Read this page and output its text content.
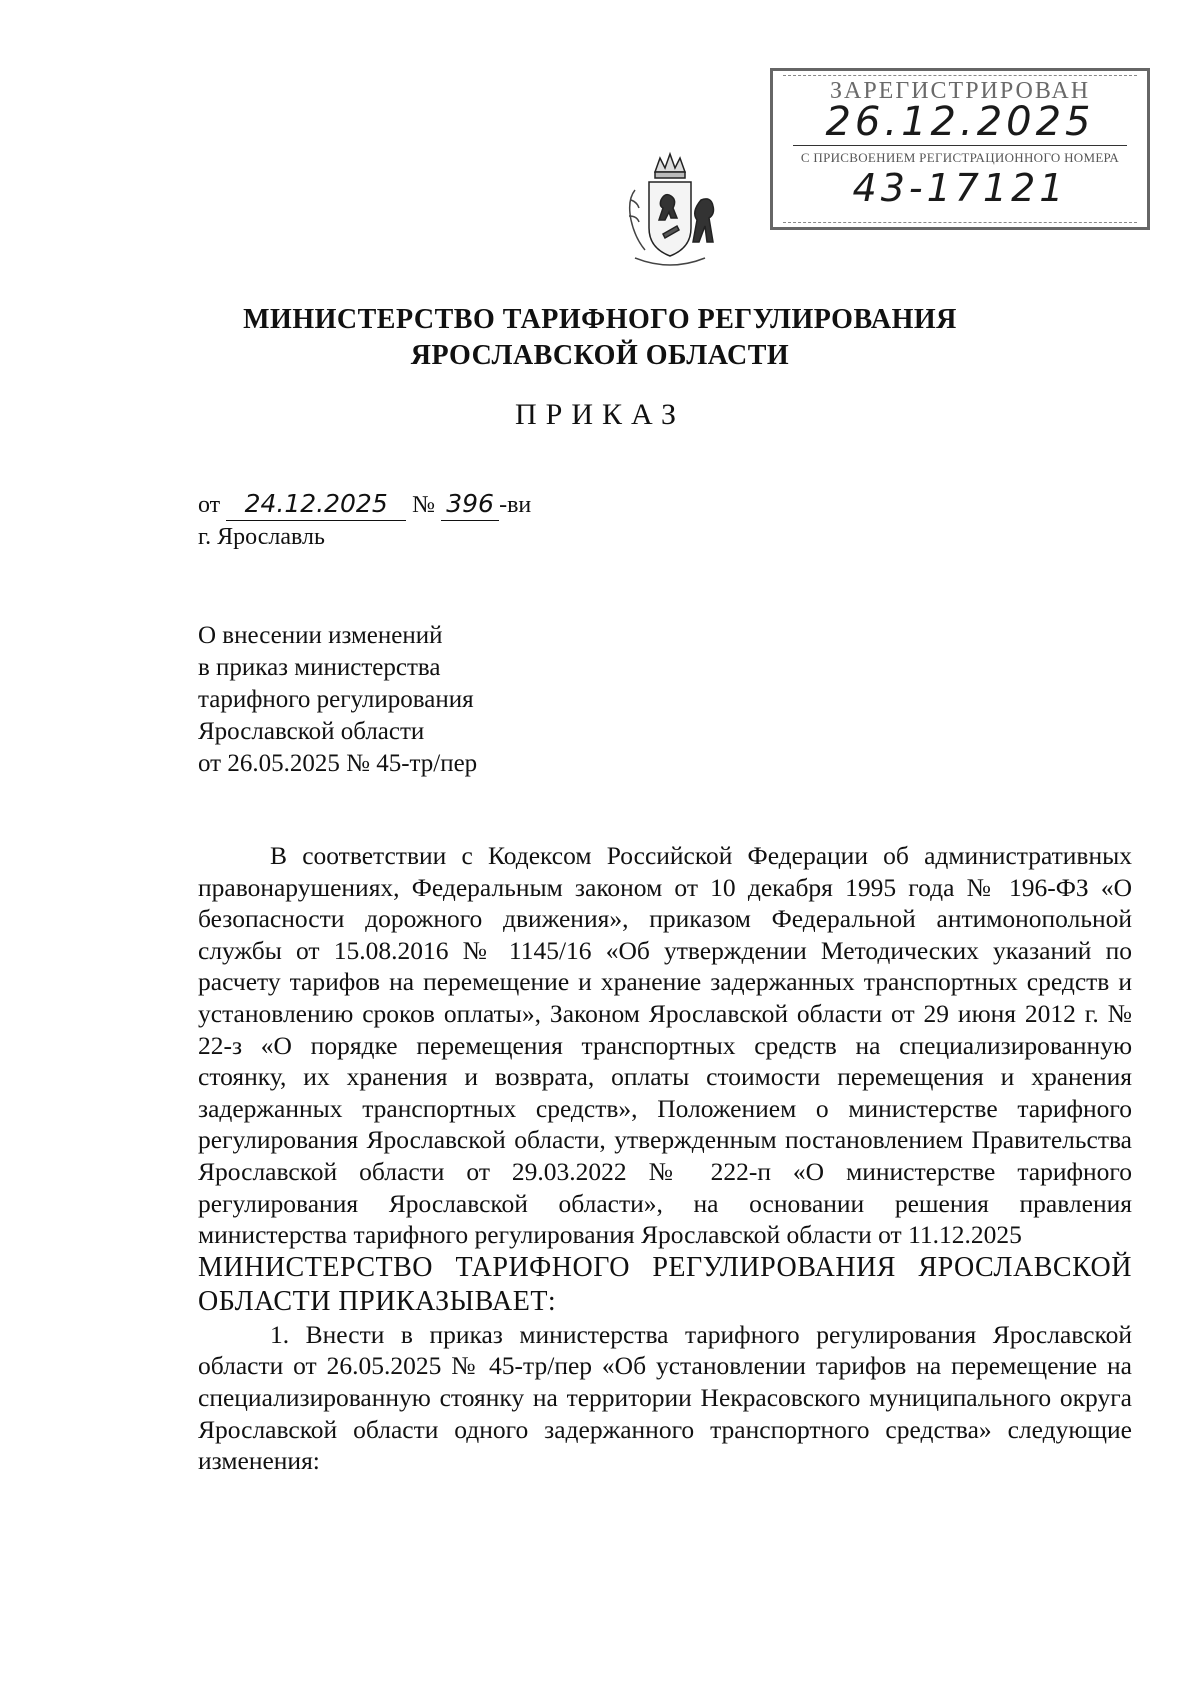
ЗАРЕГИСТРИРОВАН
26.12.2025
С ПРИСВОЕНИЕМ РЕГИСТРАЦИОННОГО НОМЕРА
43-17121
МИНИСТЕРСТВО ТАРИФНОГО РЕГУЛИРОВАНИЯ
ЯРОСЛАВСКОЙ ОБЛАСТИ
ПРИКАЗ
от 24.12.2025 № 396 -ви
г. Ярославль
О внесении изменений
в приказ министерства
тарифного регулирования
Ярославской области
от 26.05.2025 № 45-тр/пер

В соответствии с Кодексом Российской Федерации об административных правонарушениях, Федеральным законом от 10 декабря 1995 года № 196-ФЗ «О безопасности дорожного движения», приказом Федеральной антимонопольной службы от 15.08.2016 № 1145/16 «Об утверждении Методических указаний по расчету тарифов на перемещение и хранение задержанных транспортных средств и установлению сроков оплаты», Законом Ярославской области от 29 июня 2012 г. № 22-з «О порядке перемещения транспортных средств на специализированную стоянку, их хранения и возврата, оплаты стоимости перемещения и хранения задержанных транспортных средств», Положением о министерстве тарифного регулирования Ярославской области, утвержденным постановлением Правительства Ярославской области от 29.03.2022 № 222-п «О министерстве тарифного регулирования Ярославской области», на основании решения правления министерства тарифного регулирования Ярославской области от 11.12.2025

МИНИСТЕРСТВО ТАРИФНОГО РЕГУЛИРОВАНИЯ ЯРОСЛАВСКОЙ ОБЛАСТИ ПРИКАЗЫВАЕТ:

1. Внести в приказ министерства тарифного регулирования Ярославской области от 26.05.2025 № 45-тр/пер «Об установлении тарифов на перемещение на специализированную стоянку на территории Некрасовского муниципального округа Ярославской области одного задержанного транспортного средства» следующие изменения:
